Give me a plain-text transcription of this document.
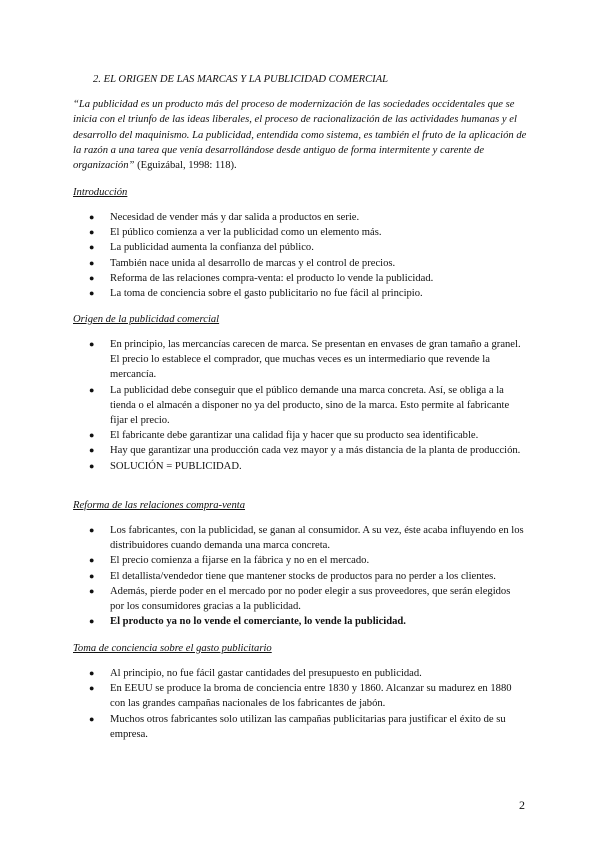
2. EL ORIGEN DE LAS MARCAS Y LA PUBLICIDAD COMERCIAL
“La publicidad es un producto más del proceso de modernización de las sociedades occidentales que se inicia con el triunfo de las ideas liberales, el proceso de racionalización de las actividades humanas y el desarrollo del maquinismo. La publicidad, entendida como sistema, es también el fruto de la aplicación de la razón a una tarea que venía desarrollándose desde antiguo de forma intermitente y carente de organización” (Eguizábal, 1998: 118).
Introducción
●	Necesidad de vender más y dar salida a productos en serie.
●	El público comienza a ver la publicidad como un elemento más.
●	La publicidad aumenta la confianza del público.
●	También nace unida al desarrollo de marcas y el control de precios.
●	Reforma de las relaciones compra-venta: el producto lo vende la publicidad.
●	La toma de conciencia sobre el gasto publicitario no fue fácil al principio.
Origen de la publicidad comercial
●	En principio, las mercancías carecen de marca. Se presentan en envases de gran tamaño a granel. El precio lo establece el comprador, que muchas veces es un intermediario que revende la mercancía.
●	La publicidad debe conseguir que el público demande una marca concreta. Así, se obliga a la tienda o el almacén a disponer no ya del producto, sino de la marca. Esto permite al fabricante fijar el precio.
●	El fabricante debe garantizar una calidad fija y hacer que su producto sea identificable.
●	Hay que garantizar una producción cada vez mayor y a más distancia de la planta de producción.
●	SOLUCIÓN = PUBLICIDAD.
Reforma de las relaciones compra-venta
●	Los fabricantes, con la publicidad, se ganan al consumidor. A su vez, éste acaba influyendo en los distribuidores cuando demanda una marca concreta.
●	El precio comienza a fijarse en la fábrica y no en el mercado.
●	El detallista/vendedor tiene que mantener stocks de productos para no perder a los clientes.
●	Además, pierde poder en el mercado por no poder elegir a sus proveedores, que serán elegidos por los consumidores gracias a la publicidad.
●	El producto ya no lo vende el comerciante, lo vende la publicidad.
Toma de conciencia sobre el gasto publicitario
●	Al principio, no fue fácil gastar cantidades del presupuesto en publicidad.
●	En EEUU se produce la broma de conciencia entre 1830 y 1860. Alcanzar su madurez en 1880 con las grandes campañas nacionales de los fabricantes de jabón.
●	Muchos otros fabricantes solo utilizan las campañas publicitarias para justificar el éxito de su empresa.
2
